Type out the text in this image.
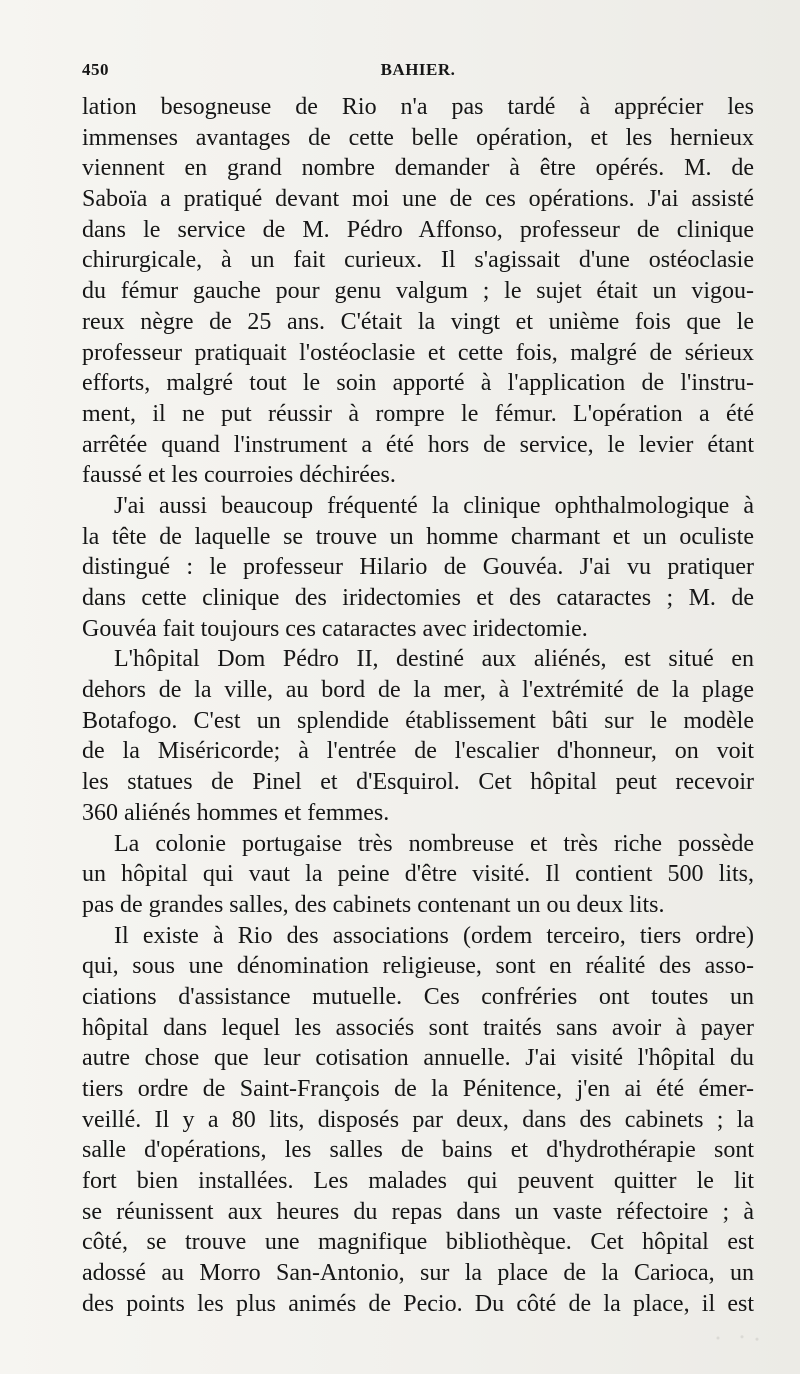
450	BAHIER.
lation besogneuse de Rio n'a pas tardé à apprécier les
immenses avantages de cette belle opération, et les hernieux
viennent en grand nombre demander à être opérés. M. de
Saboïa a pratiqué devant moi une de ces opérations. J'ai assisté
dans le service de M. Pédro Affonso, professeur de clinique
chirurgicale, à un fait curieux. Il s'agissait d'une ostéoclasie
du fémur gauche pour genu valgum ; le sujet était un vigou-
reux nègre de 25 ans. C'était la vingt et unième fois que le
professeur pratiquait l'ostéoclasie et cette fois, malgré de sérieux
efforts, malgré tout le soin apporté à l'application de l'instru-
ment, il ne put réussir à rompre le fémur. L'opération a été
arrêtée quand l'instrument a été hors de service, le levier étant
faussé et les courroies déchirées.
J'ai aussi beaucoup fréquenté la clinique ophthalmologique à
la tête de laquelle se trouve un homme charmant et un oculiste
distingué : le professeur Hilario de Gouvéa. J'ai vu pratiquer
dans cette clinique des iridectomies et des cataractes ; M. de
Gouvéa fait toujours ces cataractes avec iridectomie.
L'hôpital Dom Pédro II, destiné aux aliénés, est situé en
dehors de la ville, au bord de la mer, à l'extrémité de la plage
Botafogo. C'est un splendide établissement bâti sur le modèle
de la Miséricorde; à l'entrée de l'escalier d'honneur, on voit
les statues de Pinel et d'Esquirol. Cet hôpital peut recevoir
360 aliénés hommes et femmes.
La colonie portugaise très nombreuse et très riche possède
un hôpital qui vaut la peine d'être visité. Il contient 500 lits,
pas de grandes salles, des cabinets contenant un ou deux lits.
Il existe à Rio des associations (ordem terceiro, tiers ordre)
qui, sous une dénomination religieuse, sont en réalité des asso-
ciations d'assistance mutuelle. Ces confréries ont toutes un
hôpital dans lequel les associés sont traités sans avoir à payer
autre chose que leur cotisation annuelle. J'ai visité l'hôpital du
tiers ordre de Saint-François de la Pénitence, j'en ai été émer-
veillé. Il y a 80 lits, disposés par deux, dans des cabinets ; la
salle d'opérations, les salles de bains et d'hydrothérapie sont
fort bien installées. Les malades qui peuvent quitter le lit
se réunissent aux heures du repas dans un vaste réfectoire ; à
côté, se trouve une magnifique bibliothèque. Cet hôpital est
adossé au Morro San-Antonio, sur la place de la Carioca, un
des points les plus animés de Pecio. Du côté de la place, il est
